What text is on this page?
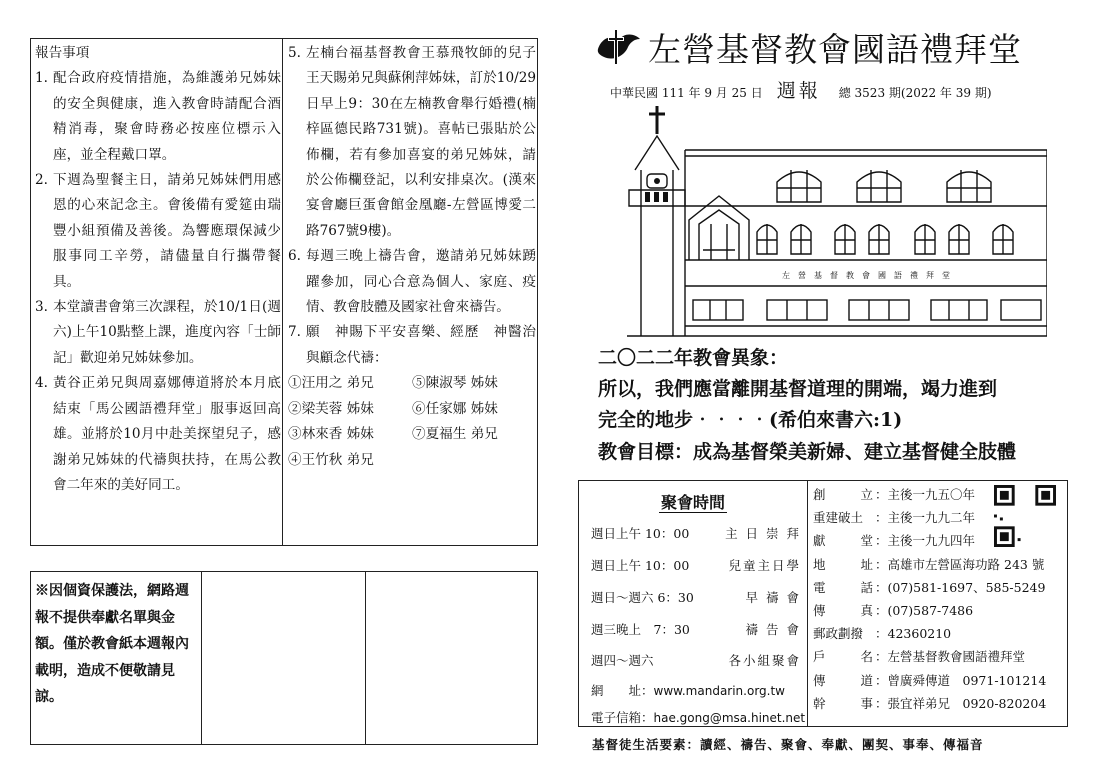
報告事項
1. 配合政府疫情措施，為維護弟兄姊妹的安全與健康，進入教會時請配合酒精消毒，聚會時務必按座位標示入座，並全程戴口罩。
2. 下週為聖餐主日，請弟兄姊妹們用感恩的心來記念主。會後備有愛筵由瑞豐小組預備及善後。為響應環保減少服事同工辛勞，請儘量自行攜帶餐具。
3. 本堂讀書會第三次課程，於10/1日(週六)上午10點整上課，進度內容「士師記」歡迎弟兄姊妹參加。
4. 黃谷正弟兄與周嘉娜傳道將於本月底結束「馬公國語禮拜堂」服事返回高雄。並將於10月中赴美探望兒子，感謝弟兄姊妹的代禱與扶持，在馬公教會二年來的美好同工。
5. 左楠台福基督教會王慕飛牧師的兒子王天賜弟兄與蘇俐萍姊妹，訂於10/29日早上9：30在左楠教會舉行婚禮(楠梓區德民路731號)。喜帖已張貼於公佈欄，若有參加喜宴的弟兄姊妹，請於公佈欄登記，以利安排桌次。(漢來宴會廳巨蛋會館金凰廳-左營區博愛二路767號9樓)。
6. 每週三晚上禱告會，邀請弟兄姊妹踴躍參加，同心合意為個人、家庭、疫情、教會肢體及國家社會來禱告。
7. 願　神賜下平安喜樂、經歷　神醫治與顧念代禱：
①汪用之 弟兄	⑤陳淑琴 姊妹
②梁芙蓉 姊妹	⑥任家娜 姊妹
③林來香 姊妹	⑦夏福生 弟兄
④王竹秋 弟兄
※因個資保護法，網路週報不提供奉獻名單與金額。僅於教會紙本週報內載明，造成不便敬請見諒。
左營基督教會國語禮拜堂
中華民國 111 年 9 月 25 日 週報 總 3523 期(2022 年 39 期)
左　營　基　督　教　會　國　語　禮　拜　堂
二〇二二年教會異象：
所以，我們應當離開基督道理的開端，竭力進到
完全的地步‧‧‧‧(希伯來書六:1)
教會目標：成為基督榮美新婦、建立基督健全肢體
聚會時間
週日上午 10：00	主 日 崇 拜
週日上午 10：00	兒童主日學
週日～週六 6：30	早 禱 會
週三晚上　7：30	禱 告 會
週四～週六	各小組聚會
網　　址：www.mandarin.org.tw
電子信箱：hae.gong@msa.hinet.net
創	立 ： 主後一九五〇年
重建破土 ： 主後一九九二年
獻	堂 ： 主後一九九四年
地	址 ： 高雄市左營區海功路 243 號
電	話 ： (07)581-1697、585-5249
傳	真 ： (07)587-7486
郵政劃撥 ： 42360210
戶	名 ： 左營基督教會國語禮拜堂
傳	道 ： 曾廣舜傳道　0971-101214
幹	事 ： 張宜祥弟兄　0920-820204
基督徒生活要素：讀經、禱告、聚會、奉獻、團契、事奉、傳福音
